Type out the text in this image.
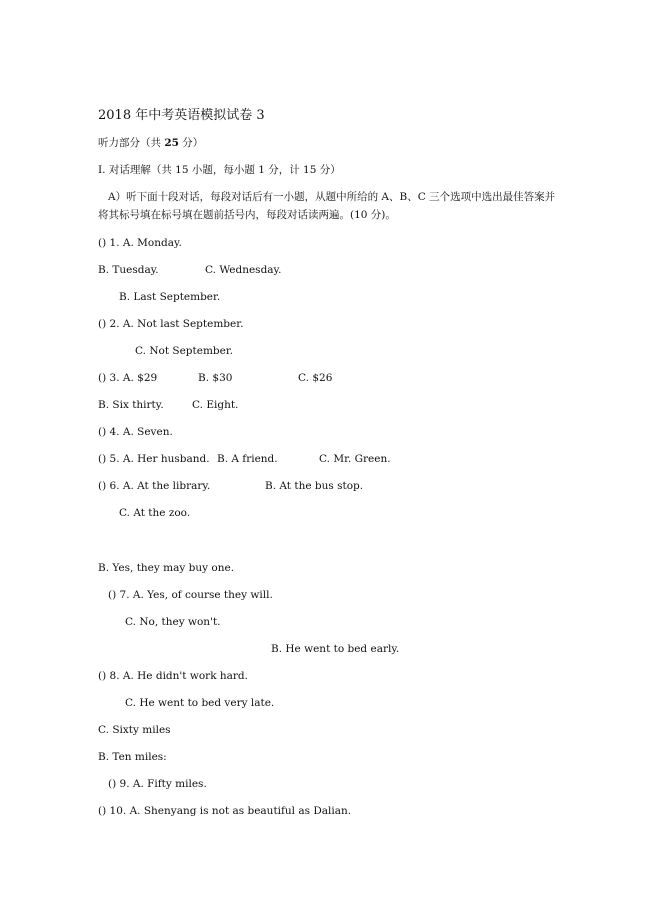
2018 年中考英语模拟试卷 3
听力部分（共 25 分）
Ⅰ. 对话理解（共 15 小题，每小题 1 分，计 15 分）
A）听下面十段对话，每段对话后有一小题，从题中所给的 A、B、C 三个选项中选出最佳答案并将其标号填在标号填在题前括号内，每段对话读两遍。(10 分)。
() 1. A. Monday.
B. Tuesday.	C. Wednesday.
B. Last September.
() 2. A. Not last September.
C. Not September.
() 3. A. $29	B. $30	C. $26
B. Six thirty.	C. Eight.
() 4. A. Seven.
() 5. A. Her husband. B. A friend.	C. Mr. Green.
() 6. A. At the library.	B. At the bus stop.
C. At the zoo.
B. Yes, they may buy one.
() 7. A. Yes, of course they will.
C. No, they won't.
B. He went to bed early.
() 8. A. He didn't work hard.
C. He went to bed very late.
C. Sixty miles
B. Ten miles:
() 9. A. Fifty miles.
() 10. A. Shenyang is not as beautiful as Dalian.
